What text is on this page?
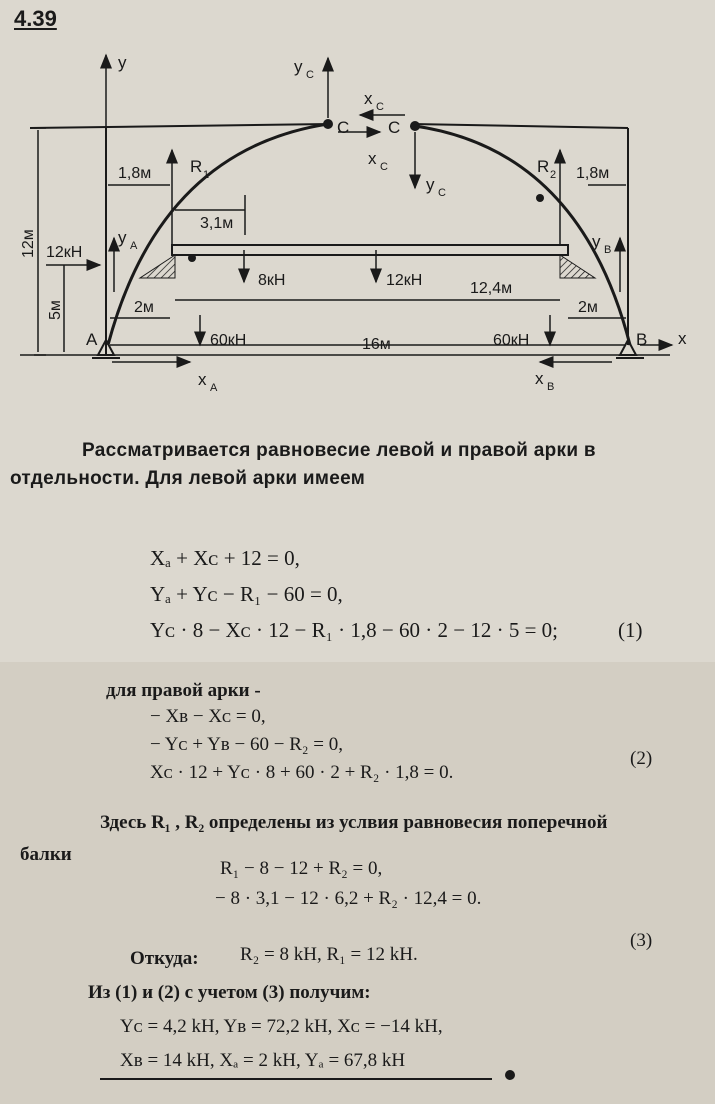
4.39
y
x
y C
C C
x C
x C
y C
R 1	R 2
y A	y B
x A	x B
A	B
12м
5м
1,8м	1,8м
3,1м
2м	2м
12,4м
16м
12кН
8кН	12кН
60кН	60кН
Рассматривается равновесие левой и правой арки в
отдельности. Для левой арки имеем
Xₐ + Xᴄ + 12 = 0,
Yₐ + Yᴄ − R₁ − 60 = 0,
Yᴄ · 8 − Xᴄ · 12 − R₁ · 1,8 − 60 · 2 − 12 · 5 = 0;	(1)
для правой арки -
− Xв − Xᴄ = 0,
− Yᴄ + Yв − 60 − R₂ = 0,
Xᴄ · 12 + Yᴄ · 8 + 60 · 2 + R₂ · 1,8 = 0.
(2)
Здесь R₁ , R₂ определены из услвия равновесия поперечной
балки
R₁ − 8 − 12 + R₂ = 0,
− 8 · 3,1 − 12 · 6,2 + R₂ · 12,4 = 0.
Откуда: R₂ = 8 kH, R₁ = 12 kH.
(3)
Из (1) и (2) с учетом (3) получим:
Yᴄ = 4,2 kH, Yв = 72,2 kH, Xᴄ = −14 kH,
Xв = 14 kH, Xₐ = 2 kH, Yₐ = 67,8 kH
